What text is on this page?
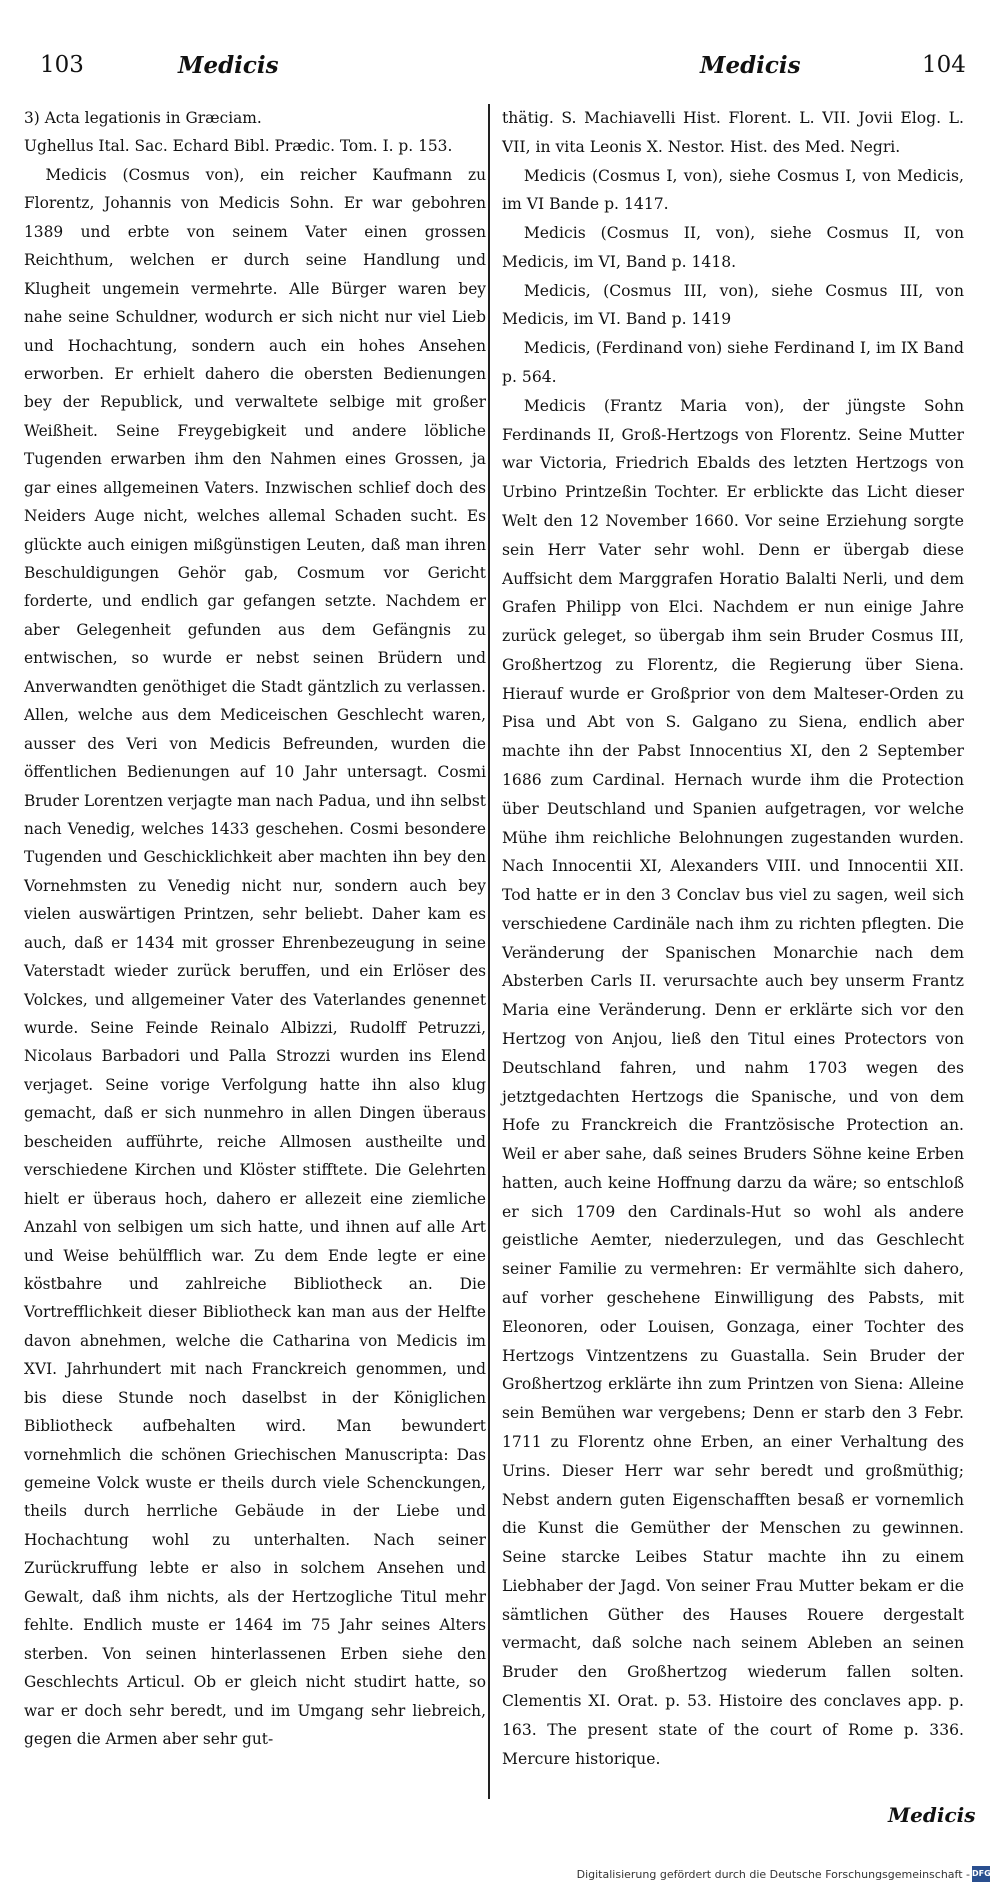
103	Medicis	Medicis	104

3) Acta legationis in Græciam.

Ughellus Ital. Sac. Echard Bibl. Prædic. Tom. I. p. 153.

Medicis (Cosmus von), ein reicher Kaufmann zu Florentz, Johannis von Medicis Sohn. Er war gebohren 1389 und erbte von seinem Vater einen grossen Reichthum, welchen er durch seine Handlung und Klugheit ungemein vermehrte. Alle Bürger waren bey nahe seine Schuldner, wodurch er sich nicht nur viel Lieb und Hochachtung, sondern auch ein hohes Ansehen erworben. Er erhielt dahero die obersten Bedienungen bey der Republick, und verwaltete selbige mit großer Weißheit. Seine Freygebigkeit und andere löbliche Tugenden erwarben ihm den Nahmen eines Grossen, ja gar eines allgemeinen Vaters. Inzwischen schlief doch des Neiders Auge nicht, welches allemal Schaden sucht. Es glückte auch einigen mißgünstigen Leuten, daß man ihren Beschuldigungen Gehör gab, Cosmum vor Gericht forderte, und endlich gar gefangen setzte. Nachdem er aber Gelegenheit gefunden aus dem Gefängnis zu entwischen, so wurde er nebst seinen Brüdern und Anverwandten genöthiget die Stadt gäntzlich zu verlassen. Allen, welche aus dem Mediceischen Geschlecht waren, ausser des Veri von Medicis Befreunden, wurden die öffentlichen Bedienungen auf 10 Jahr untersagt. Cosmi Bruder Lorentzen verjagte man nach Padua, und ihn selbst nach Venedig, welches 1433 geschehen. Cosmi besondere Tugenden und Geschicklichkeit aber machten ihn bey den Vornehmsten zu Venedig nicht nur, sondern auch bey vielen auswärtigen Printzen, sehr beliebt. Daher kam es auch, daß er 1434 mit grosser Ehrenbezeugung in seine Vaterstadt wieder zurück beruffen, und ein Erlöser des Volckes, und allgemeiner Vater des Vaterlandes genennet wurde. Seine Feinde Reinalo Albizzi, Rudolff Petruzzi, Nicolaus Barbadori und Palla Strozzi wurden ins Elend verjaget. Seine vorige Verfolgung hatte ihn also klug gemacht, daß er sich nunmehro in allen Dingen überaus bescheiden aufführte, reiche Allmosen austheilte und verschiedene Kirchen und Klöster stifftete. Die Gelehrten hielt er überaus hoch, dahero er allezeit eine ziemliche Anzahl von selbigen um sich hatte, und ihnen auf alle Art und Weise behülfflich war. Zu dem Ende legte er eine köstbahre und zahlreiche Bibliotheck an. Die Vortrefflichkeit dieser Bibliotheck kan man aus der Helfte davon abnehmen, welche die Catharina von Medicis im XVI. Jahrhundert mit nach Franckreich genommen, und bis diese Stunde noch daselbst in der Königlichen Bibliotheck aufbehalten wird. Man bewundert vornehmlich die schönen Griechischen Manuscripta: Das gemeine Volck wuste er theils durch viele Schenckungen, theils durch herrliche Gebäude in der Liebe und Hochachtung wohl zu unterhalten. Nach seiner Zurückruffung lebte er also in solchem Ansehen und Gewalt, daß ihm nichts, als der Hertzogliche Titul mehr fehlte. Endlich muste er 1464 im 75 Jahr seines Alters sterben. Von seinen hinterlassenen Erben siehe den Geschlechts Articul. Ob er gleich nicht studirt hatte, so war er doch sehr beredt, und im Umgang sehr liebreich, gegen die Armen aber sehr gut-

thätig. S. Machiavelli Hist. Florent. L. VII. Jovii Elog. L. VII, in vita Leonis X. Nestor. Hist. des Med. Negri.

Medicis (Cosmus I, von), siehe Cosmus I, von Medicis, im VI Bande p. 1417.

Medicis (Cosmus II, von), siehe Cosmus II, von Medicis, im VI, Band p. 1418.

Medicis, (Cosmus III, von), siehe Cosmus III, von Medicis, im VI. Band p. 1419

Medicis, (Ferdinand von) siehe Ferdinand I, im IX Band p. 564.

Medicis (Frantz Maria von), der jüngste Sohn Ferdinands II, Groß-Hertzogs von Florentz. Seine Mutter war Victoria, Friedrich Ebalds des letzten Hertzogs von Urbino Printzeßin Tochter. Er erblickte das Licht dieser Welt den 12 November 1660. Vor seine Erziehung sorgte sein Herr Vater sehr wohl. Denn er übergab diese Auffsicht dem Marggrafen Horatio Balalti Nerli, und dem Grafen Philipp von Elci. Nachdem er nun einige Jahre zurück geleget, so übergab ihm sein Bruder Cosmus III, Großhertzog zu Florentz, die Regierung über Siena. Hierauf wurde er Großprior von dem Malteser-Orden zu Pisa und Abt von S. Galgano zu Siena, endlich aber machte ihn der Pabst Innocentius XI, den 2 September 1686 zum Cardinal. Hernach wurde ihm die Protection über Deutschland und Spanien aufgetragen, vor welche Mühe ihm reichliche Belohnungen zugestanden wurden. Nach Innocentii XI, Alexanders VIII. und Innocentii XII. Tod hatte er in den 3 Conclav bus viel zu sagen, weil sich verschiedene Cardinäle nach ihm zu richten pflegten. Die Veränderung der Spanischen Monarchie nach dem Absterben Carls II. verursachte auch bey unserm Frantz Maria eine Veränderung. Denn er erklärte sich vor den Hertzog von Anjou, ließ den Titul eines Protectors von Deutschland fahren, und nahm 1703 wegen des jetztgedachten Hertzogs die Spanische, und von dem Hofe zu Franckreich die Frantzösische Protection an. Weil er aber sahe, daß seines Bruders Söhne keine Erben hatten, auch keine Hoffnung darzu da wäre; so entschloß er sich 1709 den Cardinals-Hut so wohl als andere geistliche Aemter, niederzulegen, und das Geschlecht seiner Familie zu vermehren: Er vermählte sich dahero, auf vorher geschehene Einwilligung des Pabsts, mit Eleonoren, oder Louisen, Gonzaga, einer Tochter des Hertzogs Vintzentzens zu Guastalla. Sein Bruder der Großhertzog erklärte ihn zum Printzen von Siena: Alleine sein Bemühen war vergebens; Denn er starb den 3 Febr. 1711 zu Florentz ohne Erben, an einer Verhaltung des Urins. Dieser Herr war sehr beredt und großmüthig; Nebst andern guten Eigenschafften besaß er vornemlich die Kunst die Gemüther der Menschen zu gewinnen. Seine starcke Leibes Statur machte ihn zu einem Liebhaber der Jagd. Von seiner Frau Mutter bekam er die sämtlichen Güther des Hauses Rouere dergestalt vermacht, daß solche nach seinem Ableben an seinen Bruder den Großhertzog wiederum fallen solten. Clementis XI. Orat. p. 53. Histoire des conclaves app. p. 163. The present state of the court of Rome p. 336. Mercure historique.

Medicis
Digitalisierung gefördert durch die Deutsche Forschungsgemeinschaft - DFG
